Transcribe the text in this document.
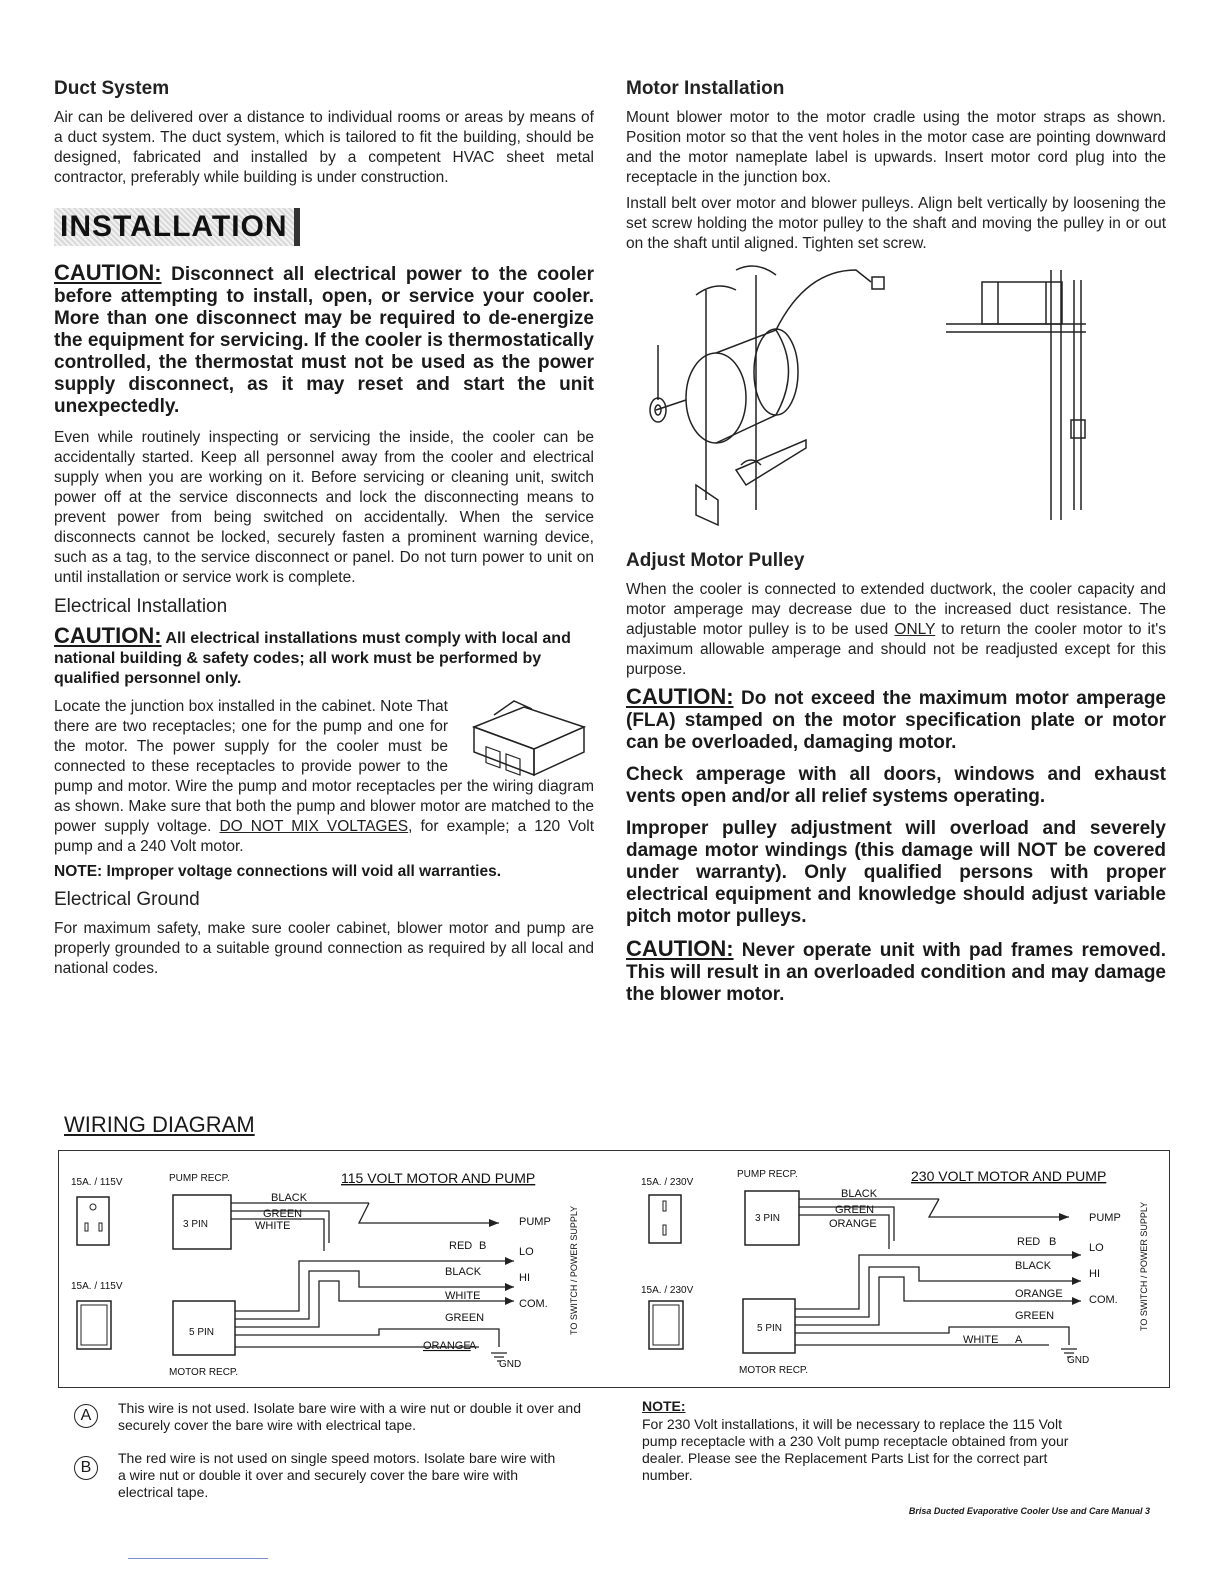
Duct System

Air can be delivered over a distance to individual rooms or areas by means of a duct system. The duct system, which is tailored to fit the building, should be designed, fabricated and installed by a competent HVAC sheet metal contractor, preferably while building is under construction.

INSTALLATION
CAUTION: Disconnect all electrical power to the cooler before attempting to install, open, or service your cooler. More than one disconnect may be required to de-energize the equipment for servicing. If the cooler is thermostatically controlled, the thermostat must not be used as the power supply disconnect, as it may reset and start the unit unexpectedly.

Even while routinely inspecting or servicing the inside, the cooler can be accidentally started. Keep all personnel away from the cooler and electrical supply when you are working on it. Before servicing or cleaning unit, switch power off at the service disconnects and lock the disconnecting means to prevent power from being switched on accidentally. When the service disconnects cannot be locked, securely fasten a prominent warning device, such as a tag, to the service disconnect or panel. Do not turn power to unit on until installation or service work is complete.

Electrical Installation
CAUTION: All electrical installations must comply with local and national building & safety codes; all work must be performed by qualified personnel only.

Locate the junction box installed in the cabinet. Note That there are two receptacles; one for the pump and one for the motor. The power supply for the cooler must be connected to these receptacles to provide power to the pump and motor. Wire the pump and motor receptacles per the wiring diagram as shown. Make sure that both the pump and blower motor are matched to the power supply voltage. DO NOT MIX VOLTAGES, for example; a 120 Volt pump and a 240 Volt motor.

NOTE: Improper voltage connections will void all warranties.
Electrical Ground

For maximum safety, make sure cooler cabinet, blower motor and pump are properly grounded to a suitable ground connection as required by all local and national codes.

Motor Installation

Mount blower motor to the motor cradle using the motor straps as shown. Position motor so that the vent holes in the motor case are pointing downward and the motor nameplate label is upwards. Insert motor cord plug into the receptacle in the junction box.

Install belt over motor and blower pulleys. Align belt vertically by loosening the set screw holding the motor pulley to the shaft and moving the pulley in or out on the shaft until aligned. Tighten set screw.

Adjust Motor Pulley

When the cooler is connected to extended ductwork, the cooler capacity and motor amperage may decrease due to the increased duct resistance. The adjustable motor pulley is to be used ONLY to return the cooler motor to it's maximum allowable amperage and should not be readjusted except for this purpose.

CAUTION: Do not exceed the maximum motor amperage (FLA) stamped on the motor specification plate or motor can be overloaded, damaging motor.
Check amperage with all doors, windows and exhaust vents open and/or all relief systems operating.
Improper pulley adjustment will overload and severely damage motor windings (this damage will NOT be covered under warranty). Only qualified persons with proper electrical equipment and knowledge should adjust variable pitch motor pulleys.
CAUTION: Never operate unit with pad frames removed. This will result in an overloaded condition and may damage the blower motor.
WIRING DIAGRAM
15A. / 115V
15A. / 115V
PUMP RECP.	115 VOLT MOTOR AND PUMP
3 PIN
BLACK
GREEN
WHITE	PUMP
RED B	LO
BLACK	HI
WHITE
COM.
GREEN
ORANGE
A
GND
5 PIN
MOTOR RECP.
TO SWITCH / POWER SUPPLY
15A. / 230V
15A. / 230V
PUMP RECP.	230 VOLT MOTOR AND PUMP
3 PIN
BLACK
GREEN
ORANGE	PUMP
RED B	LO
BLACK
HI
ORANGE COM.
GREEN
WHITE A
GND
5 PIN
MOTOR RECP.
TO SWITCH / POWER SUPPLY
A	This wire is not used. Isolate bare wire with a wire nut or double it over and securely cover the bare wire with electrical tape.
B
The red wire is not used on single speed motors. Isolate bare wire with a wire nut or double it over and securely cover the bare wire with electrical tape.
NOTE:
For 230 Volt installations, it will be necessary to replace the 115 Volt pump receptacle with a 230 Volt pump receptacle obtained from your dealer. Please see the Replacement Parts List for the correct part number.
Brisa Ducted Evaporative Cooler Use and Care Manual 3
